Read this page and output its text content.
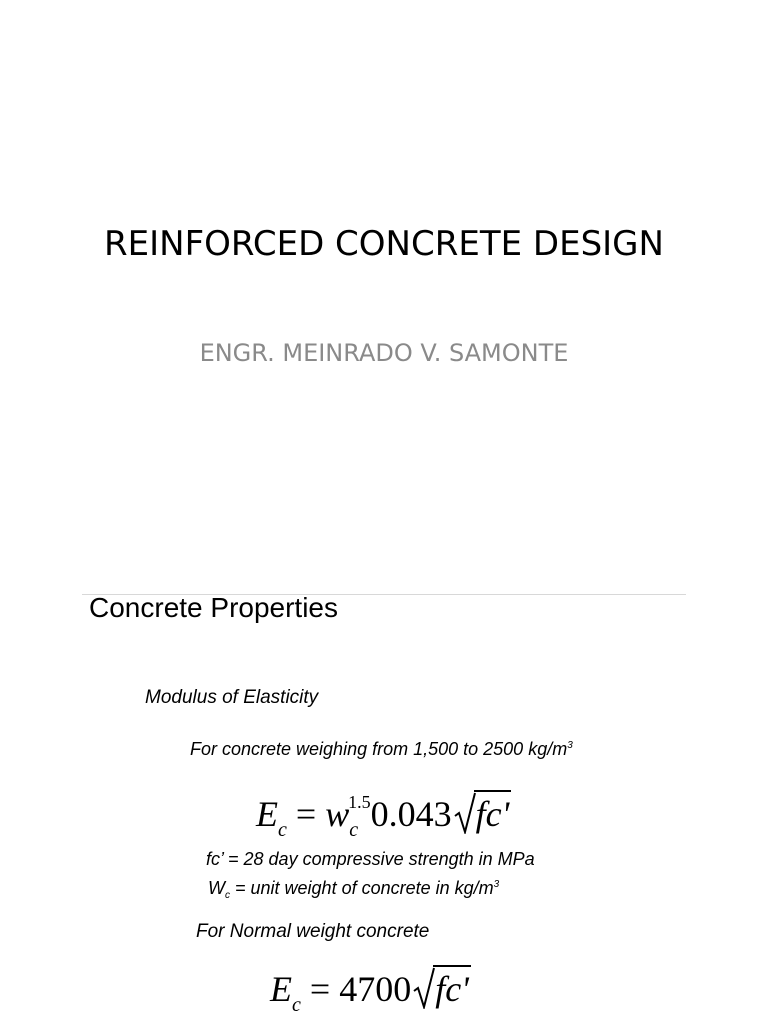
REINFORCED CONCRETE DESIGN
ENGR. MEINRADO V. SAMONTE
Concrete Properties
Modulus of Elasticity
For concrete weighing from 1,500 to 2500 $kg/m^3$
$E_c = w_c^{1.5}0.043$ fc'
fc’ = 28 day compressive strength in MPa
$W_c$ = unit weight of concrete in $kg/m^3$
For Normal weight concrete
$E_c = 4700$ fc'
